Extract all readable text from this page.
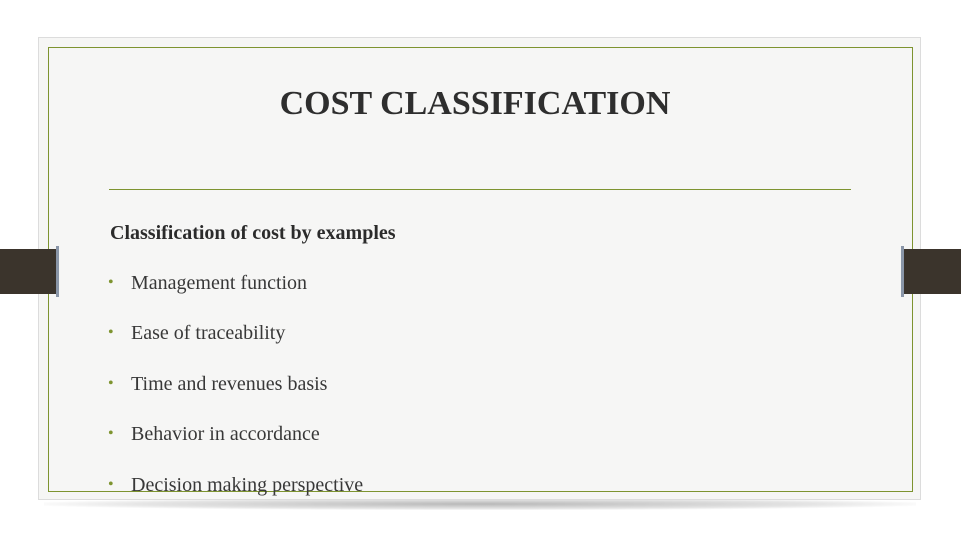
COST CLASSIFICATION

Classification of cost by examples

• Management function
• Ease of traceability
• Time and revenues basis
• Behavior in accordance
• Decision making perspective
